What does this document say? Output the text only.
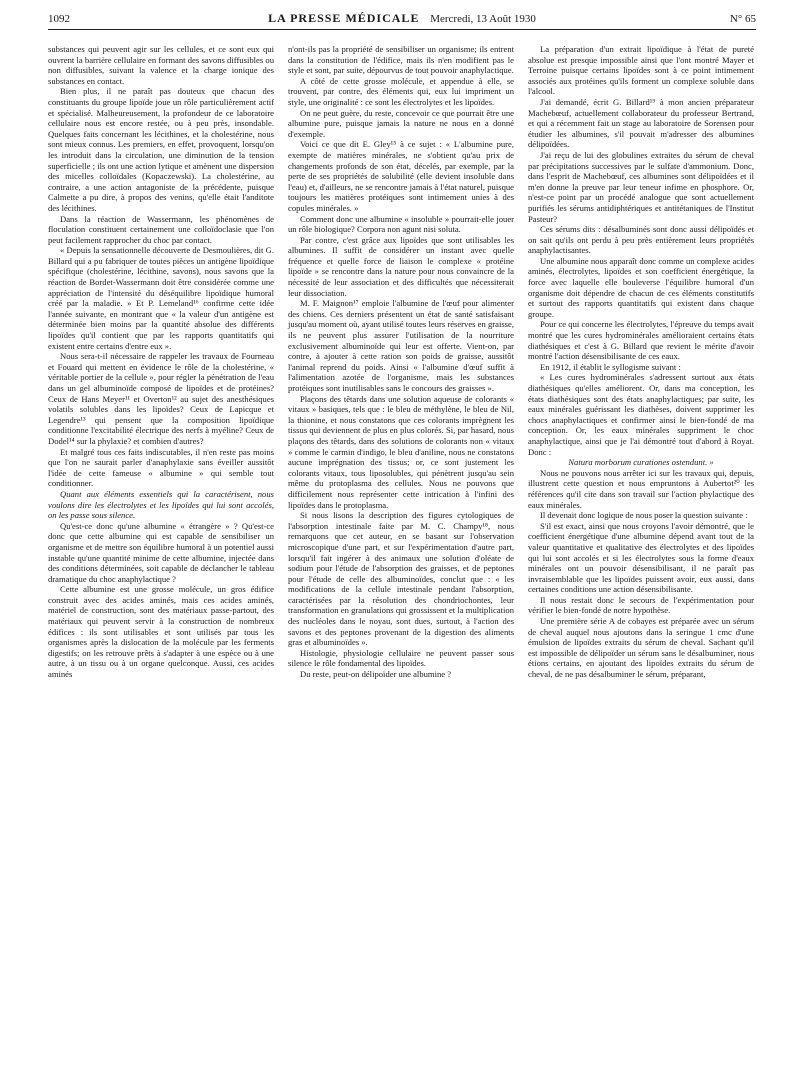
1092	LA PRESSE MÉDICALE Mercredi, 13 Août 1930	N° 65

substances qui peuvent agir sur les cellules, et ce sont eux qui ouvrent la barrière cellulaire en formant des savons diffusibles ou non diffusibles, suivant la valence et la charge ionique des substances en contact.

Bien plus, il ne paraît pas douteux que chacun des constituants du groupe lipoïde joue un rôle particulièrement actif et spécialisé. Malheureusement, la profondeur de ce laboratoire cellulaire nous est encore restée, ou à peu près, insondable. Quelques faits concernant les lécithines, et la cholestérine, nous sont mieux connus. Les premiers, en effet, provoquent, lorsqu'on les introduit dans la circulation, une diminution de la tension superficielle ; ils ont une action lytique et amènent une dispersion des micelles colloïdales (Kopaczewski). La cholestérine, au contraire, a une action antagoniste de la précédente, puisque Calmette a pu dire, à propos des venins, qu'elle était l'anditote des lécithines.

Dans la réaction de Wassermann, les phénomènes de floculation constituent certainement une colloïdoclasie que l'on peut facilement rapprocher du choc par contact.

« Depuis la sensationnelle découverte de Desmoulières, dit G. Billard qui a pu fabriquer de toutes pièces un antigène lipoïdique spécifique (cholestérine, lécithine, savons), nous savons que la réaction de Bordet-Wassermann doit être considérée comme une appréciation de l'intensité du déséquilibre lipoïdique humoral créé par la maladie. » Et P. Lemeland¹⁶ confirme cette idée l'année suivante, en montrant que « la valeur d'un antigène est déterminée bien moins par la quantité absolue des différents lipoïdes qu'il contient que par les rapports quantitatifs qui existent entre certains d'entre eux ».

Nous sera-t-il nécessaire de rappeler les travaux de Fourneau et Fouard qui mettent en évidence le rôle de la cholestérine, « véritable portier de la cellule », pour régler la pénétration de l'eau dans un gel albuminoïde composé de lipoïdes et de protéines? Ceux de Hans Meyer¹¹ et Overton¹² au sujet des anesthésiques volatils solubles dans les lipoïdes? Ceux de Lapicque et Legendre¹³ qui pensent que la composition lipoïdique conditionne l'excitabilité électrique des nerfs à myéline? Ceux de Dodel¹⁴ sur la phylaxie? et combien d'autres?

Et malgré tous ces faits indiscutables, il n'en reste pas moins que l'on ne saurait parler d'anaphylaxie sans éveiller aussitôt l'idée de cette fameuse « albumine » qui semble tout conditionner.

Quant aux éléments essentiels qui la caractérisent, nous voulons dire les électrolytes et les lipoïdes qui lui sont accolés, on les passe sous silence.

Qu'est-ce donc qu'une albumine « étrangère » ? Qu'est-ce donc que cette albumine qui est capable de sensibiliser un organisme et de mettre son équilibre humoral à un potentiel aussi instable qu'une quantité minime de cette albumine, injectée dans des conditions déterminées, soit capable de déclancher le tableau dramatique du choc anaphylactique ?

Cette albumine est une grosse molécule, un gros édifice construit avec des acides aminés, mais ces acides aminés, matériel de construction, sont des matériaux passe-partout, des matériaux qui peuvent servir à la construction de nombreux édifices : ils sont utilisables et sont utilisés par tous les organismes après la dislocation de la molécule par les ferments digestifs; on les retrouve prêts à s'adapter à une espèce ou à une autre, à un tissu ou à un organe quelconque. Aussi, ces acides aminés

n'ont-ils pas la propriété de sensibiliser un organisme; ils entrent dans la constitution de l'édifice, mais ils n'en modifient pas le style et sont, par suite, dépourvus de tout pouvoir anaphylactique.

A côté de cette grosse molécule, et appendue à elle, se trouvent, par contre, des éléments qui, eux lui impriment un style, une originalité : ce sont les électrolytes et les lipoïdes.

On ne peut guère, du reste, concevoir ce que pourrait être une albumine pure, puisque jamais la nature ne nous en a donné d'exemple.

Voici ce que dit E. Gley¹⁵ à ce sujet : « L'albumine pure, exempte de matières minérales, ne s'obtient qu'au prix de changements profonds de son état, décelés, par exemple, par la perte de ses propriétés de solubilité (elle devient insoluble dans l'eau) et, d'ailleurs, ne se rencontre jamais à l'état naturel, puisque toujours les matières protéiques sont intimement unies à des copules minérales. »

Comment donc une albumine « insoluble » pourrait-elle jouer un rôle biologique? Corpora non agunt nisi soluta.

Par contre, c'est grâce aux lipoïdes que sont utilisables les albumines. Il suffit de considérer un instant avec quelle fréquence et quelle force de liaison le complexe « protéine lipoïde » se rencontre dans la nature pour nous convaincre de la nécessité de leur association et des difficultés que nécessiterait leur dissociation.

M. F. Maignon¹⁷ emploie l'albumine de l'œuf pour alimenter des chiens. Ces derniers présentent un état de santé satisfaisant jusqu'au moment où, ayant utilisé toutes leurs réserves en graisse, ils ne peuvent plus assurer l'utilisation de la nourriture exclusivement albuminoïde qui leur est offerte. Vient-on, par contre, à ajouter à cette ration son poids de graisse, aussitôt l'animal reprend du poids. Ainsi « l'albumine d'œuf suffit à l'alimentation azotée de l'organisme, mais les substances protéiques sont inutilisables sans le concours des graisses ».

Plaçons des têtards dans une solution aqueuse de colorants « vitaux » basiques, tels que : le bleu de méthylène, le bleu de Nil, la thionine, et nous constatons que ces colorants imprègnent les tissus qui deviennent de plus en plus colorés. Si, par hasard, nous plaçons des têtards, dans des solutions de colorants non « vitaux » comme le carmin d'indigo, le bleu d'aniline, nous ne constatons aucune imprégnation des tissus; or, ce sont justement les colorants vitaux, tous liposolubles, qui pénètrent jusqu'au sein même du protoplasma des cellules. Nous ne pouvons que difficilement nous représenter cette intrication à l'infini des lipoïdes dans le protoplasma.

Si nous lisons la description des figures cytologiques de l'absorption intestinale faite par M. C. Champy¹⁸, nous remarquons que cet auteur, en se basant sur l'observation microscopique d'une part, et sur l'expérimentation d'autre part, lorsqu'il fait ingérer à des animaux une solution d'oléate de sodium pour l'étude de l'absorption des graisses, et de peptones pour l'étude de celle des albuminoïdes, conclut que : « les modifications de la cellule intestinale pendant l'absorption, caractérisées par la résolution des chondriochontes, leur transformation en granulations qui grossissent et la multiplication des nucléoles dans le noyau, sont dues, surtout, à l'action des savons et des peptones provenant de la digestion des aliments gras et albuminoïdes ».

Histologie, physiologie cellulaire ne peuvent passer sous silence le rôle fondamental des lipoïdes.

Du reste, peut-on délipoïder une albumine ?

La préparation d'un extrait lipoïdique à l'état de pureté absolue est presque impossible ainsi que l'ont montré Mayer et Terroine puisque certains lipoïdes sont à ce point intimement associés aux protéines qu'ils forment un complexe soluble dans l'alcool.

J'ai demandé, écrit G. Billard¹⁹ à mon ancien préparateur Machebœuf, actuellement collaborateur du professeur Bertrand, et qui a récemment fait un stage au laboratoire de Sorensen pour étudier les albumines, s'il pouvait m'adresser des albumines délipoïdées.

J'ai reçu de lui des globulines extraites du sérum de cheval par précipitations successives par le sulfate d'ammonium. Donc, dans l'esprit de Machebœuf, ces albumines sont délipoïdées et il m'en donne la preuve par leur teneur infime en phosphore. Or, n'est-ce point par un procédé analogue que sont actuellement purifiés les sérums antidiphtériques et antitétaniques de l'Institut Pasteur?

Ces sérums dits : désalbuminés sont donc aussi délipoïdés et on sait qu'ils ont perdu à peu près entièrement leurs propriétés anaphylactisantes.

Une albumine nous apparaît donc comme un complexe acides aminés, électrolytes, lipoïdes et son coefficient énergétique, la force avec laquelle elle bouleverse l'équilibre humoral d'un organisme doit dépendre de chacun de ces éléments constitutifs et surtout des rapports quantitatifs qui existent dans chaque groupe.

Pour ce qui concerne les électrolytes, l'épreuve du temps avait montré que les cures hydrominérales amélioraient certains états diathésiques et c'est à G. Billard que revient le mérite d'avoir montré l'action désensibilisante de ces eaux.

En 1912, il établit le syllogisme suivant :

« Les cures hydrominérales s'adressent surtout aux états diathésiques qu'elles améliorent. Or, dans ma conception, les états diathésiques sont des états anaphylactiques; par suite, les eaux minérales guérissant les diathèses, doivent supprimer les chocs anaphylactiques et confirmer ainsi le bien-fondé de ma conception. Or, les eaux minérales suppriment le choc anaphylactique, ainsi que je l'ai démontré tout d'abord à Royat. Donc :

Natura morborum curationes ostendunt. »

Nous ne pouvons nous arrêter ici sur les travaux qui, depuis, illustrent cette question et nous empruntons à Aubertot²⁰ les références qu'il cite dans son travail sur l'action phylactique des eaux minérales.

Il devenait donc logique de nous poser la question suivante :

S'il est exact, ainsi que nous croyons l'avoir démontré, que le coefficient énergétique d'une albumine dépend avant tout de la valeur quantitative et qualitative des électrolytes et des lipoïdes qui lui sont accolés et si les électrolytes sous la forme d'eaux minérales ont un pouvoir désensibilisant, il ne paraît pas invraisemblable que les lipoïdes puissent avoir, eux aussi, dans certaines conditions une action désensibilisante.

Il nous restait donc le secours de l'expérimentation pour vérifier le bien-fondé de notre hypothèse.

Une première série A de cobayes est préparée avec un sérum de cheval auquel nous ajoutons dans la seringue 1 cmc d'une émulsion de lipoïdes extraits du sérum de cheval. Sachant qu'il est impossible de délipoïder un sérum sans le désalbuminer, nous étions certains, en ajoutant des lipoïdes extraits du sérum de cheval, de ne pas désalbuminer le sérum, préparant,
